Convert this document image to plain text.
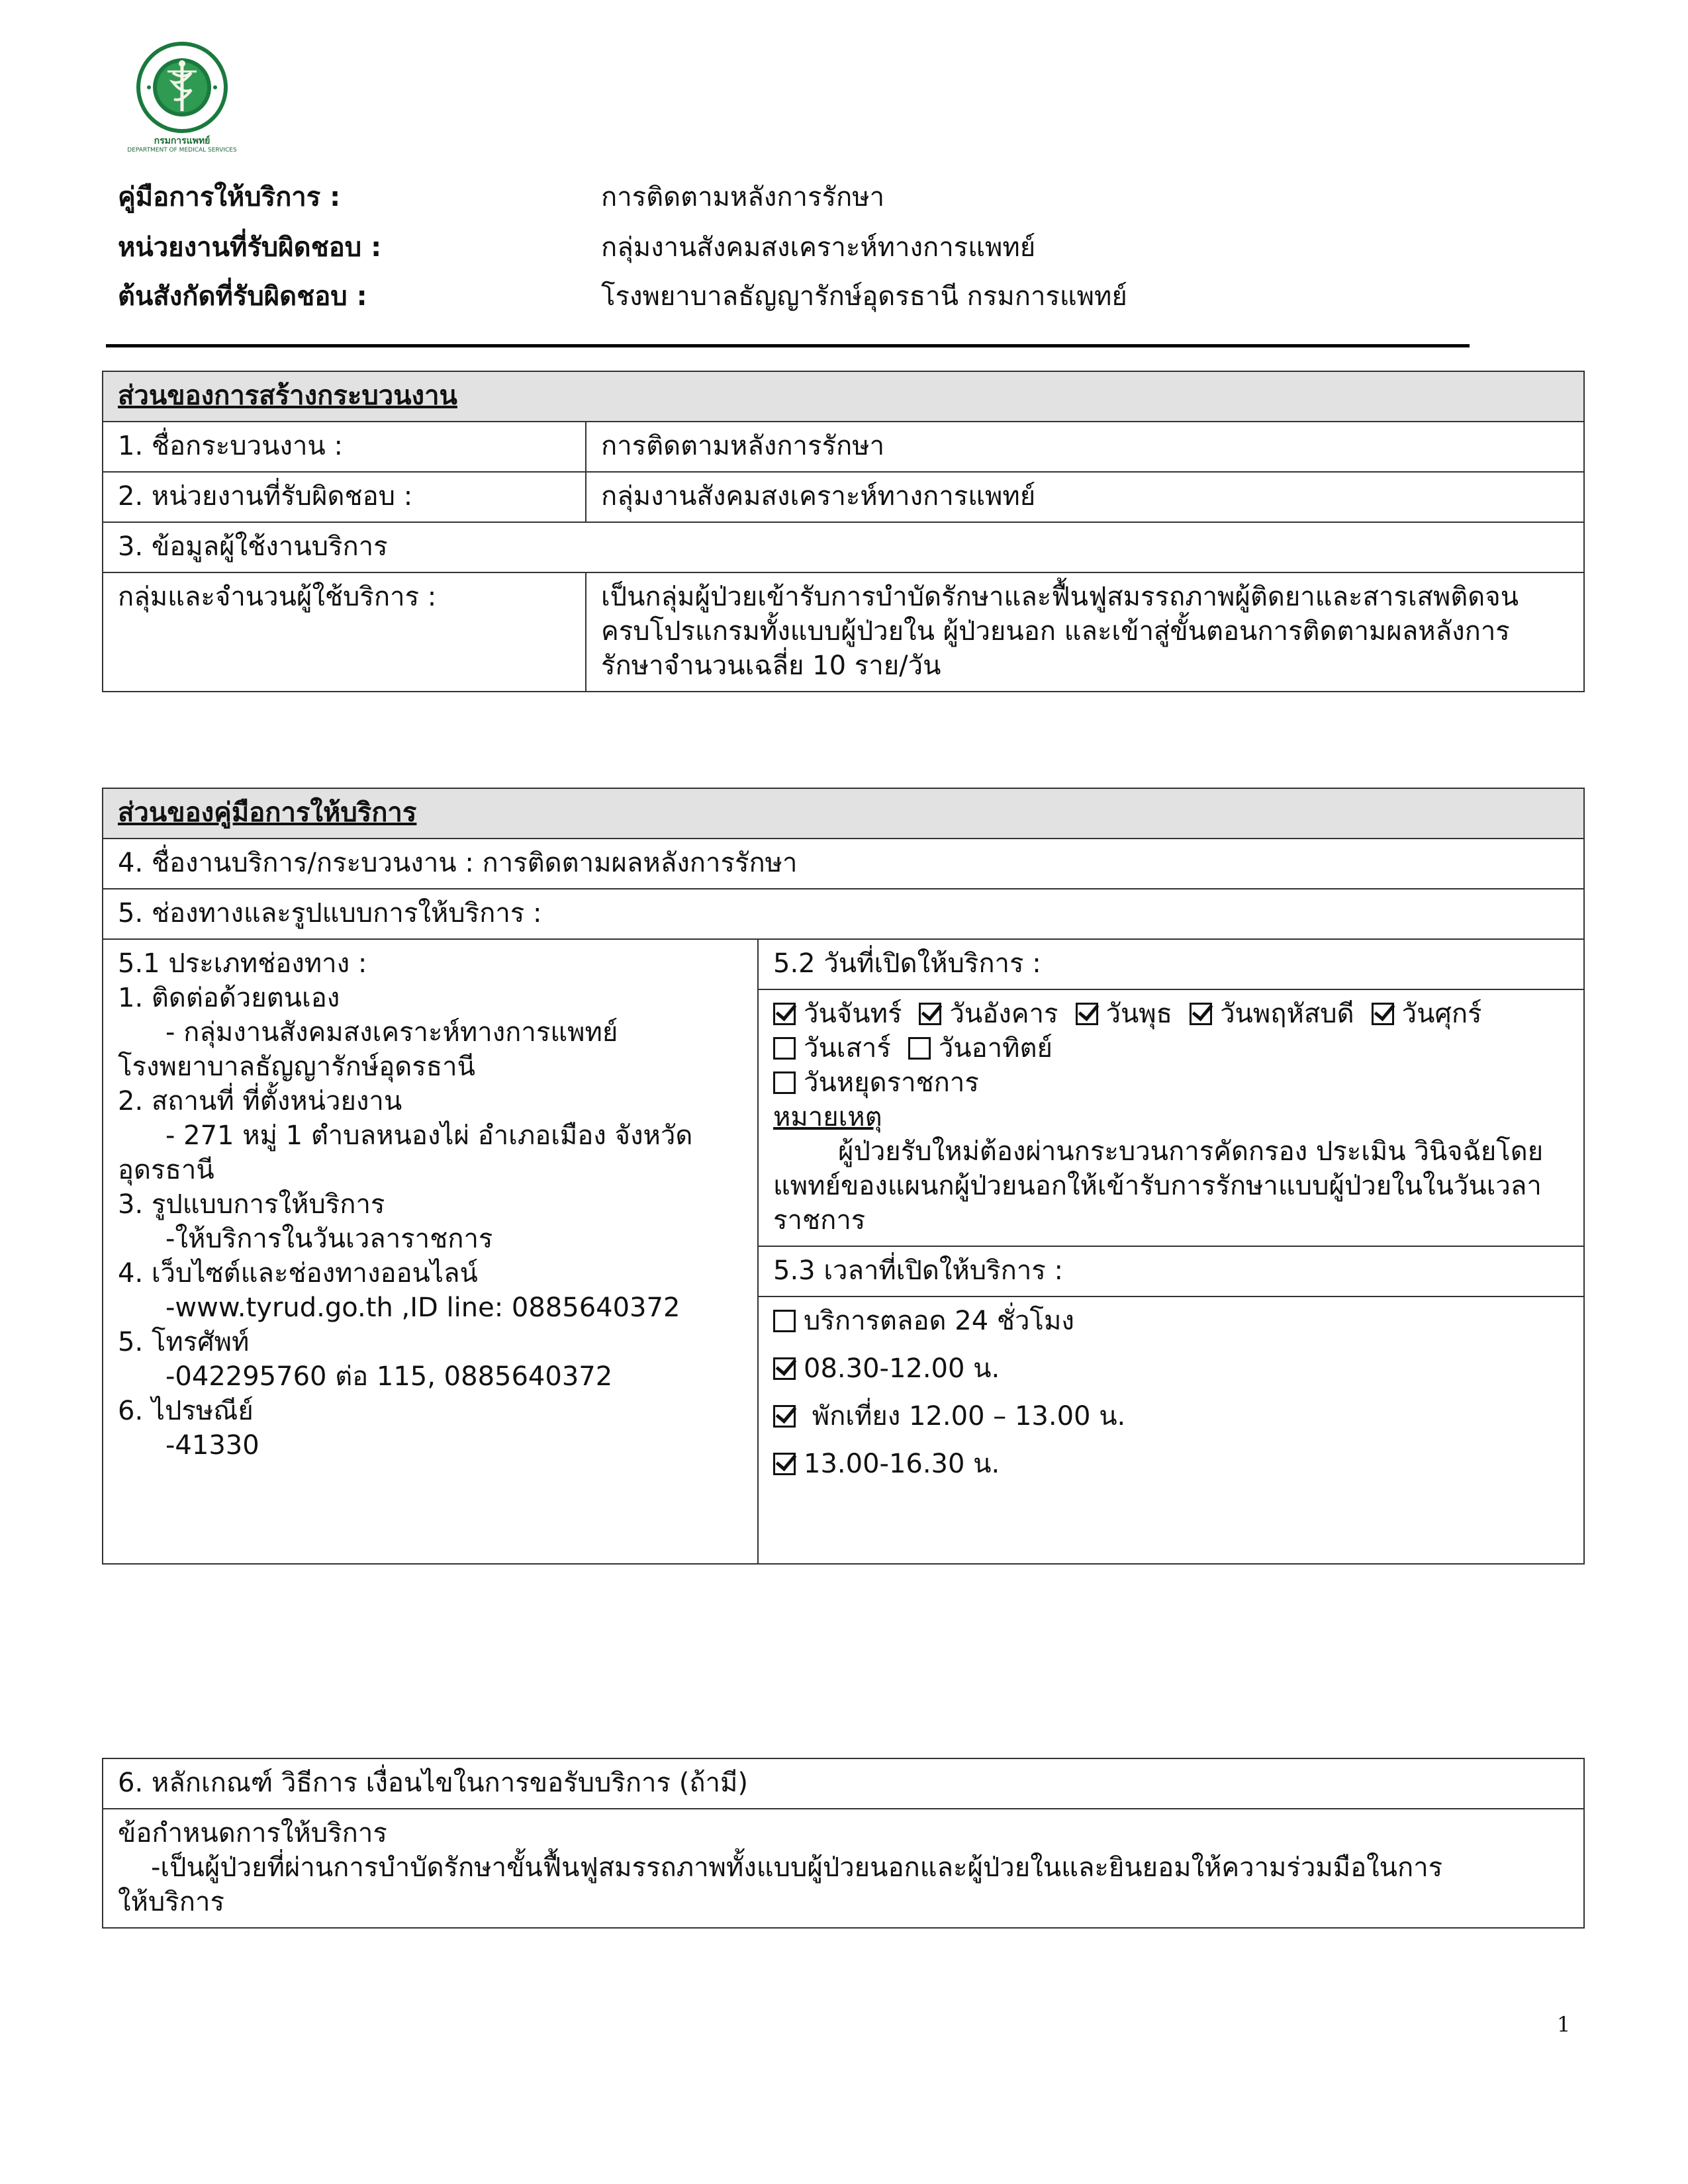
กรมการแพทย์
DEPARTMENT OF MEDICAL SERVICES
คู่มือการให้บริการ :	การติดตามหลังการรักษา
หน่วยงานที่รับผิดชอบ :	กลุ่มงานสังคมสงเคราะห์ทางการแพทย์
ต้นสังกัดที่รับผิดชอบ :	โรงพยาบาลธัญญารักษ์อุดรธานี กรมการแพทย์
ส่วนของการสร้างกระบวนงาน	
1. ชื่อกระบวนงาน :	การติดตามหลังการรักษา
2. หน่วยงานที่รับผิดชอบ :	กลุ่มงานสังคมสงเคราะห์ทางการแพทย์
3. ข้อมูลผู้ใช้งานบริการ	
กลุ่มและจำนวนผู้ใช้บริการ :	เป็นกลุ่มผู้ป่วยเข้ารับการบำบัดรักษาและฟื้นฟูสมรรถภาพผู้ติดยาและสารเสพติดจน
ครบโปรแกรมทั้งแบบผู้ป่วยใน ผู้ป่วยนอก และเข้าสู่ขั้นตอนการติดตามผลหลังการ
รักษาจำนวนเฉลี่ย 10 ราย/วัน
ส่วนของคู่มือการให้บริการ
4. ชื่องานบริการ/กระบวนงาน : การติดตามผลหลังการรักษา
5. ช่องทางและรูปแบบการให้บริการ :

5.1 ประเภทช่องทาง :
1. ติดต่อด้วยตนเอง
- กลุ่มงานสังคมสงเคราะห์ทางการแพทย์
โรงพยาบาลธัญญารักษ์อุดรธานี
2. สถานที่ ที่ตั้งหน่วยงาน
- 271 หมู่ 1 ตำบลหนองไผ่ อำเภอเมือง จังหวัด
อุดรธานี
3. รูปแบบการให้บริการ
-ให้บริการในวันเวลาราชการ
4. เว็บไซต์และช่องทางออนไลน์
-www.tyrud.go.th ,ID line: 0885640372
5. โทรศัพท์
-042295760 ต่อ 115, 0885640372
6. ไปรษณีย์
-41330
	5.2 วันที่เปิดให้บริการ :

วันจันทร์ วันอังคาร วันพุธ วันพฤหัสบดี วันศุกร์
วันเสาร์ วันอาทิตย์
วันหยุดราชการ
หมายเหตุ
ผู้ป่วยรับใหม่ต้องผ่านกระบวนการคัดกรอง ประเมิน วินิจฉัยโดย
แพทย์ของแผนกผู้ป่วยนอกให้เข้ารับการรักษาแบบผู้ป่วยในในวันเวลา
ราชการ

5.3 เวลาที่เปิดให้บริการ :

บริการตลอด 24 ชั่วโมง
08.30-12.00 น.
พักเที่ยง 12.00 – 13.00 น.
13.00-16.30 น.
6. หลักเกณฑ์ วิธีการ เงื่อนไขในการขอรับบริการ (ถ้ามี)

ข้อกำหนดการให้บริการ
-เป็นผู้ป่วยที่ผ่านการบำบัดรักษาขั้นฟื้นฟูสมรรถภาพทั้งแบบผู้ป่วยนอกและผู้ป่วยในและยินยอมให้ความร่วมมือในการ
ให้บริการ
1
